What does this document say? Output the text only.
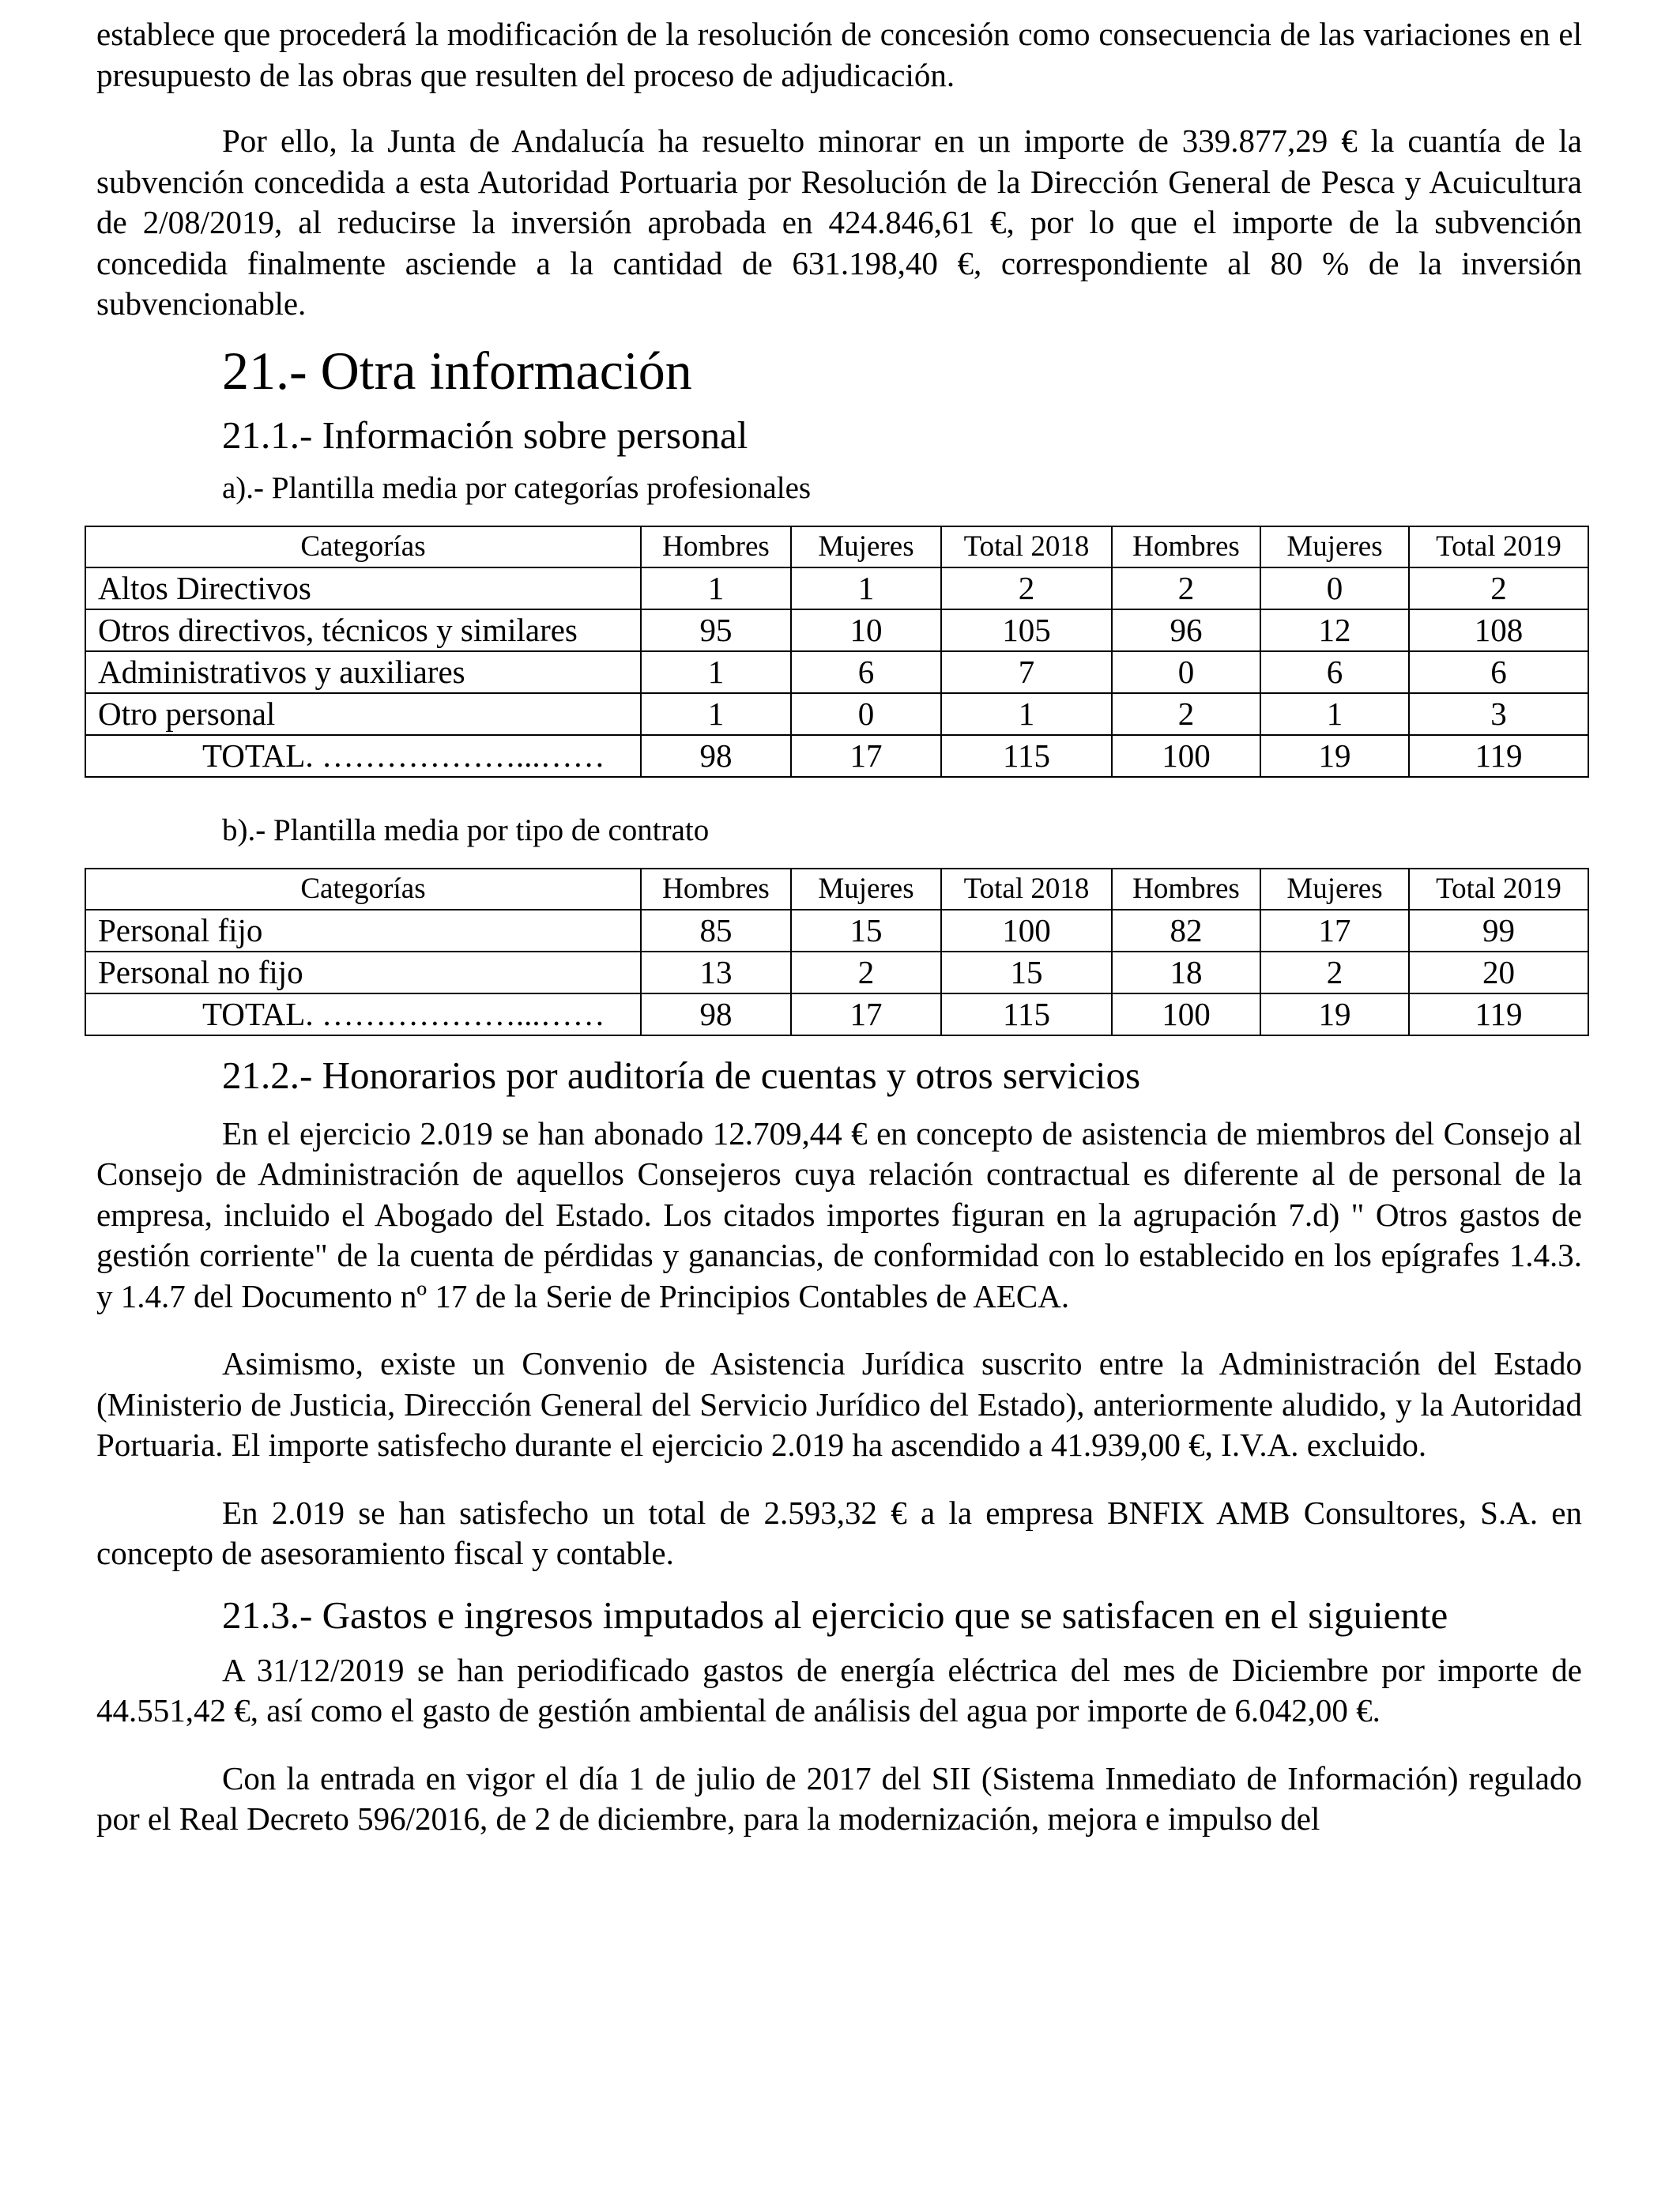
establece que procederá la modificación de la resolución de concesión como consecuencia de las variaciones en el presupuesto de las obras que resulten del proceso de adjudicación.

Por ello, la Junta de Andalucía ha resuelto minorar en un importe de 339.877,29 € la cuantía de la subvención concedida a esta Autoridad Portuaria por Resolución de la Dirección General de Pesca y Acuicultura de 2/08/2019, al reducirse la inversión aprobada en 424.846,61 €, por lo que el importe de la subvención concedida finalmente asciende a la cantidad de 631.198,40 €, correspondiente al 80 % de la inversión subvencionable.

21.- Otra información
21.1.- Información sobre personal
a).- Plantilla media por categorías profesionales
Categorías	Hombres	Mujeres	Total 2018	Hombres	Mujeres	Total 2019
Altos Directivos	1	1	2	2	0	2
Otros directivos, técnicos y similares	95	10	105	96	12	108
Administrativos y auxiliares	1	6	7	0	6	6
Otro personal	1	0	1	2	1	3
TOTAL. ………………...……	98	17	115	100	19	119
b).- Plantilla media por tipo de contrato
Categorías	Hombres	Mujeres	Total 2018	Hombres	Mujeres	Total 2019
Personal fijo	85	15	100	82	17	99
Personal no fijo	13	2	15	18	2	20
TOTAL. ………………...……	98	17	115	100	19	119
21.2.- Honorarios por auditoría de cuentas y otros servicios

En el ejercicio 2.019 se han abonado 12.709,44 € en concepto de asistencia de miembros del Consejo al Consejo de Administración de aquellos Consejeros cuya relación contractual es diferente al de personal de la empresa, incluido el Abogado del Estado. Los citados importes figuran en la agrupación 7.d) " Otros gastos de gestión corriente" de la cuenta de pérdidas y ganancias, de conformidad con lo establecido en los epígrafes 1.4.3. y 1.4.7 del Documento nº 17 de la Serie de Principios Contables de AECA.

Asimismo, existe un Convenio de Asistencia Jurídica suscrito entre la Administración del Estado (Ministerio de Justicia, Dirección General del Servicio Jurídico del Estado), anteriormente aludido, y la Autoridad Portuaria. El importe satisfecho durante el ejercicio 2.019 ha ascendido a 41.939,00 €, I.V.A. excluido.

En 2.019 se han satisfecho un total de 2.593,32 € a la empresa BNFIX AMB Consultores, S.A. en concepto de asesoramiento fiscal y contable.

21.3.- Gastos e ingresos imputados al ejercicio que se satisfacen en el siguiente

A 31/12/2019 se han periodificado gastos de energía eléctrica del mes de Diciembre por importe de 44.551,42 €, así como el gasto de gestión ambiental de análisis del agua por importe de 6.042,00 €.

Con la entrada en vigor el día 1 de julio de 2017 del SII (Sistema Inmediato de Información) regulado por el Real Decreto 596/2016, de 2 de diciembre, para la modernización, mejora e impulso del
